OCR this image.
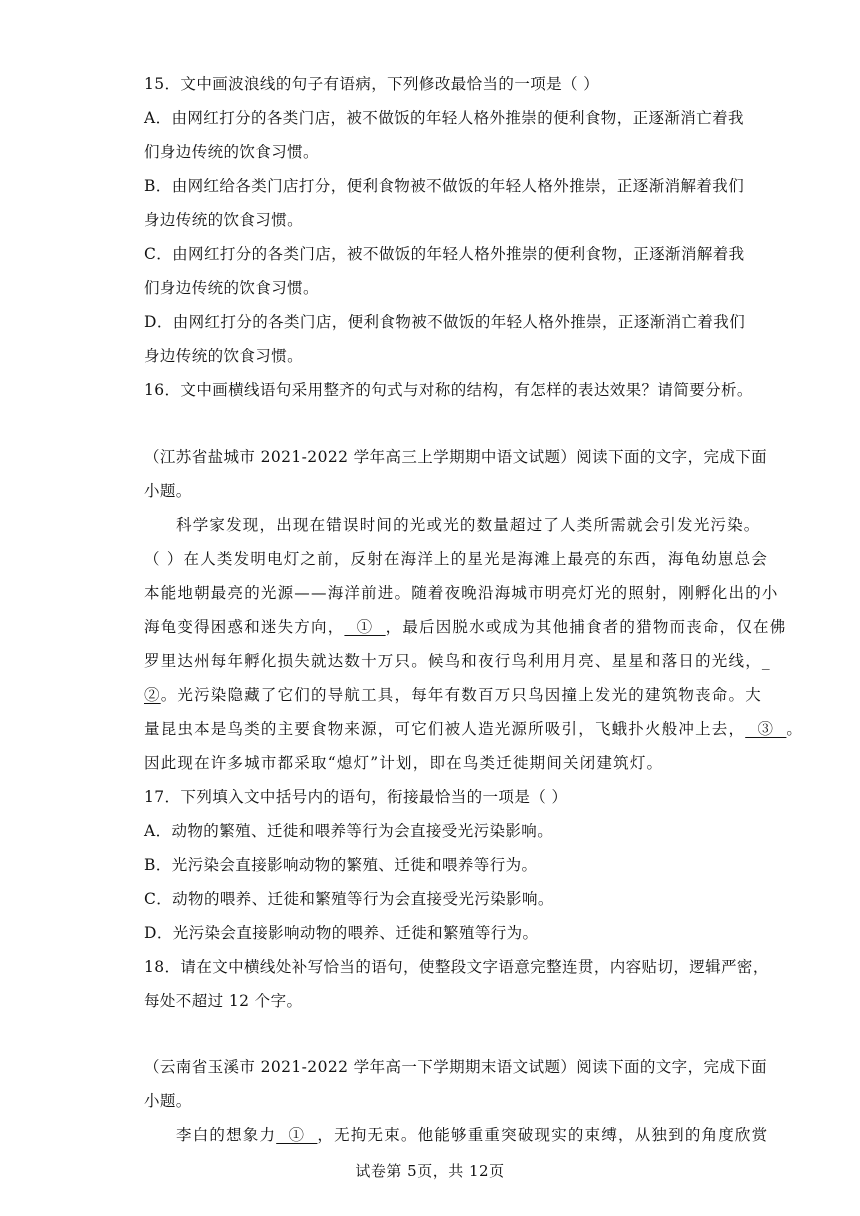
15．文中画波浪线的句子有语病，下列修改最恰当的一项是（ ）
A．由网红打分的各类门店，被不做饭的年轻人格外推崇的便利食物，正逐渐消亡着我
们身边传统的饮食习惯。
B．由网红给各类门店打分，便利食物被不做饭的年轻人格外推崇，正逐渐消解着我们
身边传统的饮食习惯。
C．由网红打分的各类门店，被不做饭的年轻人格外推崇的便利食物，正逐渐消解着我
们身边传统的饮食习惯。
D．由网红打分的各类门店，便利食物被不做饭的年轻人格外推崇，正逐渐消亡着我们
身边传统的饮食习惯。
16．文中画横线语句采用整齐的句式与对称的结构，有怎样的表达效果？请简要分析。
（江苏省盐城市 2021-2022 学年高三上学期期中语文试题）阅读下面的文字，完成下面
小题。
科学家发现，出现在错误时间的光或光的数量超过了人类所需就会引发光污染。
（ ）在人类发明电灯之前，反射在海洋上的星光是海滩上最亮的东西，海龟幼崽总会
本能地朝最亮的光源——海洋前进。随着夜晚沿海城市明亮灯光的照射，刚孵化出的小
海龟变得困惑和迷失方向，  ①  ，最后因脱水或成为其他捕食者的猎物而丧命，仅在佛
罗里达州每年孵化损失就达数十万只。候鸟和夜行鸟利用月亮、星星和落日的光线，_
②。光污染隐藏了它们的导航工具，每年有数百万只鸟因撞上发光的建筑物丧命。大
量昆虫本是鸟类的主要食物来源，可它们被人造光源所吸引，飞蛾扑火般冲上去，  ③  。
因此现在许多城市都采取“熄灯”计划，即在鸟类迁徙期间关闭建筑灯。
17．下列填入文中括号内的语句，衔接最恰当的一项是（ ）
A．动物的繁殖、迁徙和喂养等行为会直接受光污染影响。
B．光污染会直接影响动物的繁殖、迁徙和喂养等行为。
C．动物的喂养、迁徙和繁殖等行为会直接受光污染影响。
D．光污染会直接影响动物的喂养、迁徙和繁殖等行为。
18．请在文中横线处补写恰当的语句，使整段文字语意完整连贯，内容贴切，逻辑严密，
每处不超过 12 个字。
（云南省玉溪市 2021-2022 学年高一下学期期末语文试题）阅读下面的文字，完成下面
小题。
李白的想象力  ①  ，无拘无束。他能够重重突破现实的束缚，从独到的角度欣赏
试卷第 5页，共 12页
